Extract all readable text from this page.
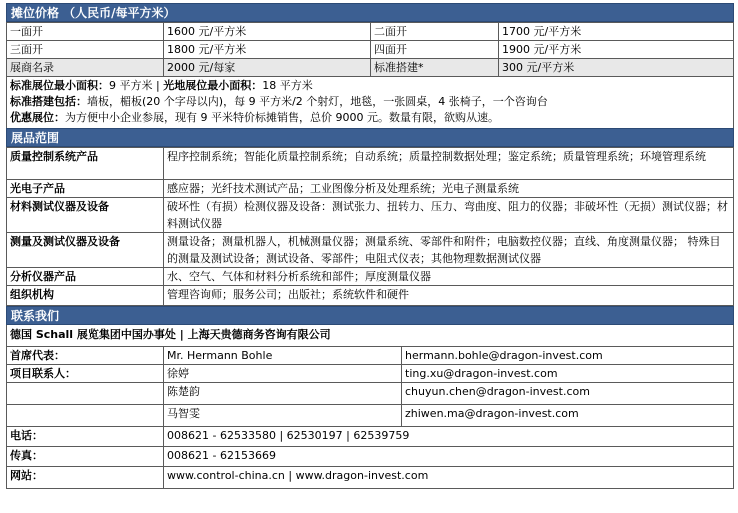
摊位价格 （人民币/每平方米）
一面开	1600 元/平方米	二面开	1700 元/平方米
三面开	1800 元/平方米	四面开	1900 元/平方米
展商名录	2000 元/每家	标准搭建*	300 元/平方米
标准展位最小面积：9 平方米 | 光地展位最小面积：18 平方米
标准搭建包括：墙板，楣板(20 个字母以内)，每 9 平方米/2 个射灯，地毯，一张圆桌，4 张椅子，一个咨询台
优惠展位：为方便中小企业参展，现有 9 平米特价标摊销售，总价 9000 元。数量有限，欲购从速。
展品范围
质量控制系统产品	程序控制系统；智能化质量控制系统；自动系统；质量控制数据处理；鉴定系统；质量管理系统；环境管理系统
光电子产品	感应器；光纤技术测试产品；工业图像分析及处理系统；光电子测量系统
材料测试仪器及设备	破坏性（有损）检测仪器及设备：测试张力、扭转力、压力、弯曲度、阻力的仪器；非破坏性（无损）测试仪器；材料测试仪器
测量及测试仪器及设备	测量设备；测量机器人，机械测量仪器；测量系统、零部件和附件；电脑数控仪器；直线、角度测量仪器； 特殊目的测量及测试设备；测试设备、零部件；电阻式仪表；其他物理数据测试仪器
分析仪器产品	水、空气、气体和材料分析系统和部件；厚度测量仪器
组织机构	管理咨询师；服务公司；出版社；系统软件和硬件
联系我们
德国 Schall 展览集团中国办事处 | 上海天贵德商务咨询有限公司
首席代表：	Mr. Hermann Bohle	hermann.bohle@dragon-invest.com
项目联系人：	徐婷	ting.xu@dragon-invest.com
	陈楚韵	chuyun.chen@dragon-invest.com
	马智雯	zhiwen.ma@dragon-invest.com
电话：	008621 - 62533580 | 62530197 | 62539759	
传真：	008621 - 62153669	
网站：	www.control-china.cn | www.dragon-invest.com	
